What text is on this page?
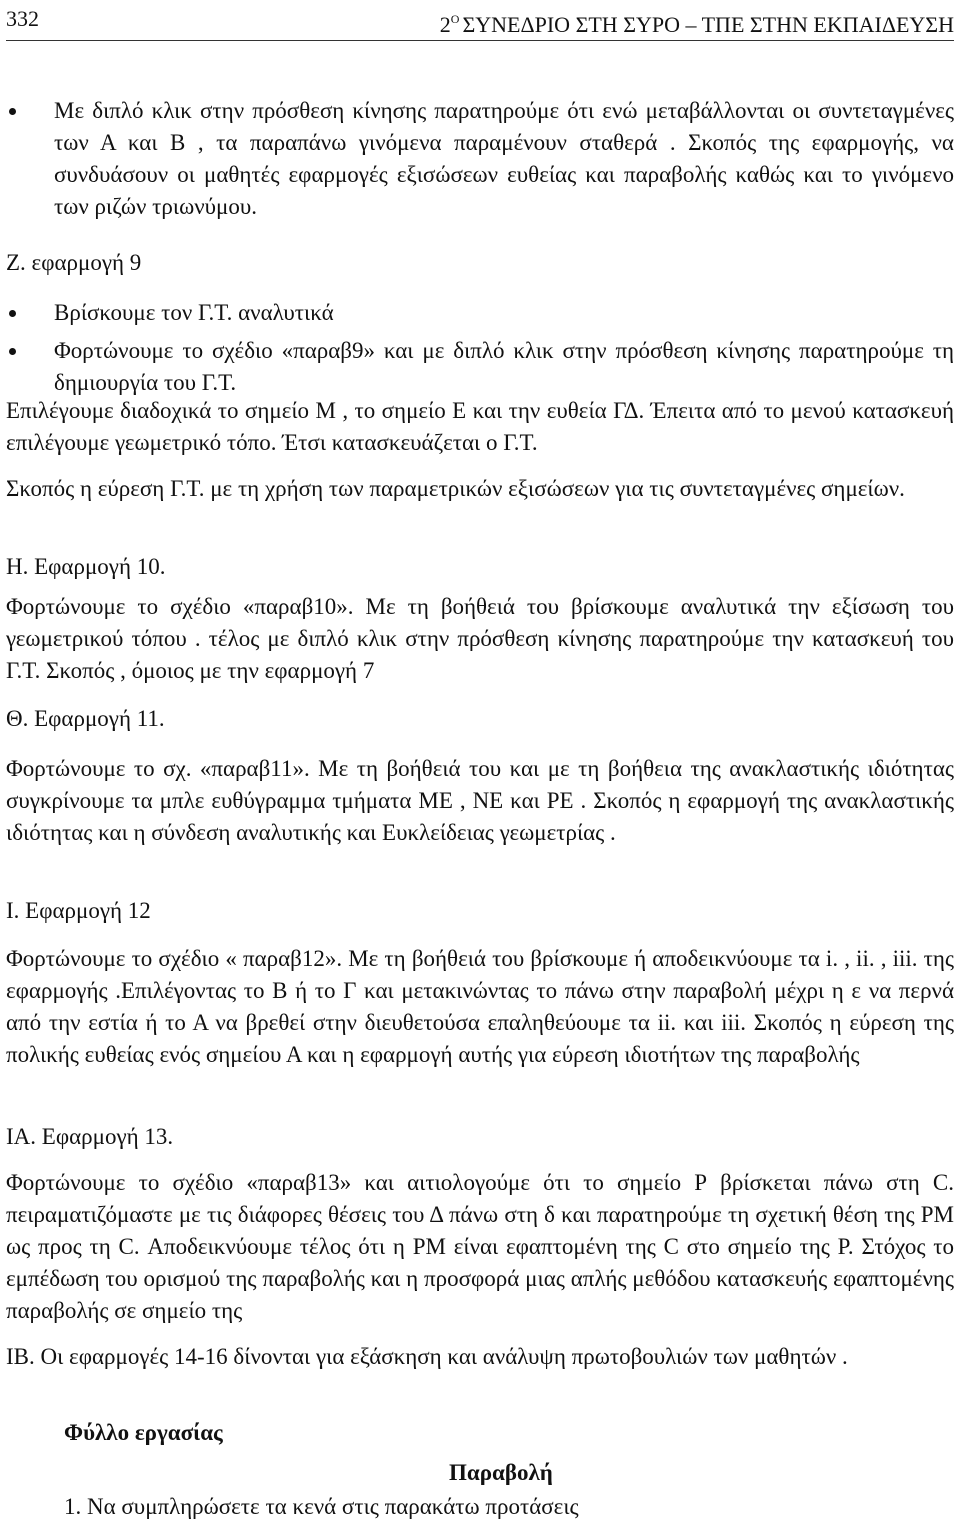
332	$2^O$ ΣΥΝΕΔΡΙΟ ΣΤΗ ΣΥΡΟ – ΤΠΕ ΣΤΗΝ ΕΚΠΑΙΔΕΥΣΗ

Με διπλό κλικ στην πρόσθεση κίνησης παρατηρούμε ότι ενώ μεταβάλλονται οι συντεταγμένες των Α και Β , τα παραπάνω γινόμενα παραμένουν σταθερά . Σκοπός της εφαρμογής, να συνδυάσουν οι μαθητές εφαρμογές εξισώσεων ευθείας και παραβολής καθώς και το γινόμενο των ριζών τριωνύμου.

Ζ. εφαρμογή 9

Βρίσκουμε τον Γ.Τ. αναλυτικά

Φορτώνουμε το σχέδιο «παραβ9» και με διπλό κλικ στην πρόσθεση κίνησης παρατηρούμε τη δημιουργία του Γ.Τ.

Επιλέγουμε διαδοχικά το σημείο Μ , το σημείο Ε και την ευθεία ΓΔ. Έπειτα από το μενού κατασκευή επιλέγουμε γεωμετρικό τόπο. Έτσι κατασκευάζεται ο Γ.Τ.

Σκοπός η εύρεση Γ.Τ. με τη χρήση των παραμετρικών εξισώσεων για τις συντεταγμένες σημείων.

Η. Εφαρμογή 10.

Φορτώνουμε το σχέδιο «παραβ10». Με τη βοήθειά του βρίσκουμε αναλυτικά την εξίσωση του γεωμετρικού τόπου . τέλος με διπλό κλικ στην πρόσθεση κίνησης παρατηρούμε την κατασκευή του Γ.Τ. Σκοπός , όμοιος με την εφαρμογή 7

Θ. Εφαρμογή 11.

Φορτώνουμε το σχ. «παραβ11». Με τη βοήθειά του και με τη βοήθεια της ανακλαστικής ιδιότητας συγκρίνουμε τα μπλε ευθύγραμμα τμήματα ΜΕ , ΝΕ και ΡΕ . Σκοπός η εφαρμογή της ανακλαστικής ιδιότητας και η σύνδεση αναλυτικής και Ευκλείδειας γεωμετρίας .

Ι. Εφαρμογή 12

Φορτώνουμε το σχέδιο « παραβ12». Με τη βοήθειά του βρίσκουμε ή αποδεικνύουμε τα i. , ii. , iii. της εφαρμογής .Επιλέγοντας το Β ή το Γ και μετακινώντας το πάνω στην παραβολή μέχρι η ε να περνά από την εστία ή το Α να βρεθεί στην διευθετούσα επαληθεύουμε τα ii. και iii. Σκοπός η εύρεση της πολικής ευθείας ενός σημείου Α και η εφαρμογή αυτής για εύρεση ιδιοτήτων της παραβολής

ΙΑ. Εφαρμογή 13.

Φορτώνουμε το σχέδιο «παραβ13» και αιτιολογούμε ότι το σημείο Ρ βρίσκεται πάνω στη C. πειραματιζόμαστε με τις διάφορες θέσεις του Δ πάνω στη δ και παρατηρούμε τη σχετική θέση της ΡΜ ως προς τη C. Αποδεικνύουμε τέλος ότι η ΡΜ είναι εφαπτομένη της C στο σημείο της Ρ. Στόχος το εμπέδωση του ορισμού της παραβολής και η προσφορά μιας απλής μεθόδου κατασκευής εφαπτομένης παραβολής σε σημείο της

ΙΒ. Οι εφαρμογές 14-16 δίνονται για εξάσκηση και ανάλυψη πρωτοβουλιών των μαθητών .

Φύλλο εργασίας

Παραβολή

1. Να συμπληρώσετε τα κενά στις παρακάτω προτάσεις
